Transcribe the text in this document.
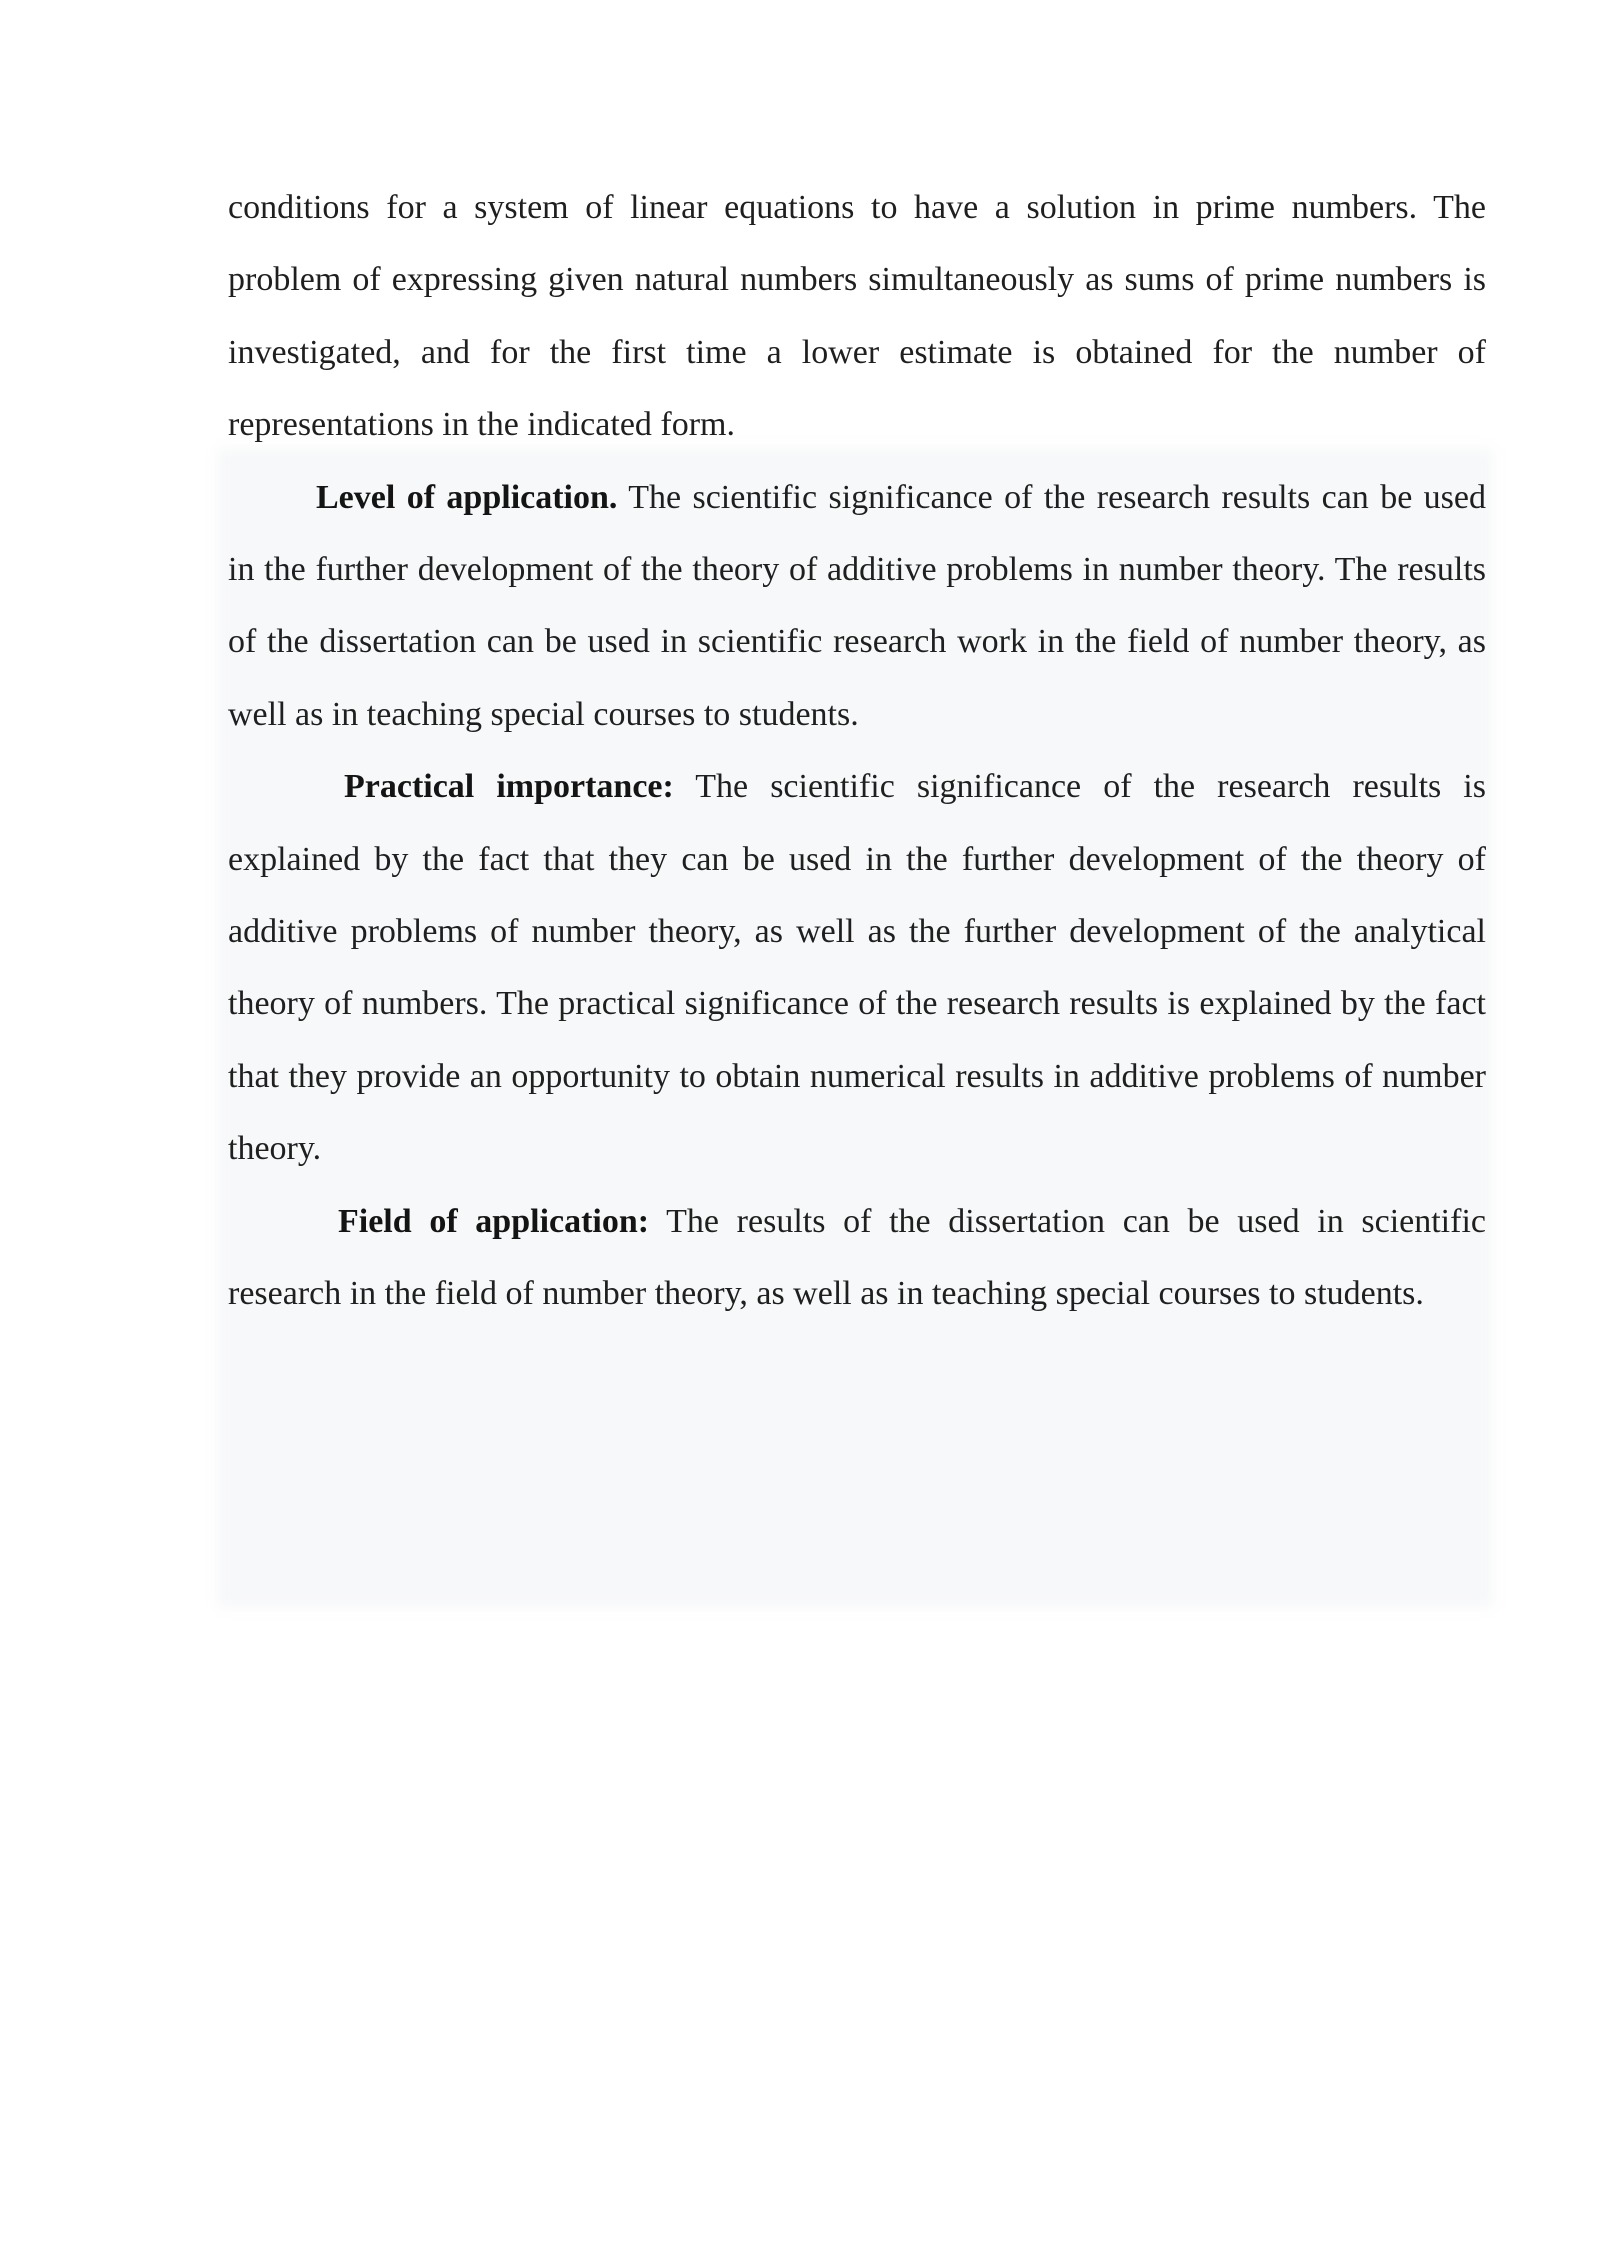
conditions for a system of linear equations to have a solution in prime numbers. The problem of expressing given natural numbers simultaneously as sums of prime numbers is investigated, and for the first time a lower estimate is obtained for the number of representations in the indicated form.

Level of application. The scientific significance of the research results can be used in the further development of the theory of additive problems in number theory. The results of the dissertation can be used in scientific research work in the field of number theory, as well as in teaching special courses to students.

Practical importance: The scientific significance of the research results is explained by the fact that they can be used in the further development of the theory of additive problems of number theory, as well as the further development of the analytical theory of numbers. The practical significance of the research results is explained by the fact that they provide an opportunity to obtain numerical results in additive problems of number theory.

Field of application: The results of the dissertation can be used in scientific research in the field of number theory, as well as in teaching special courses to students.
